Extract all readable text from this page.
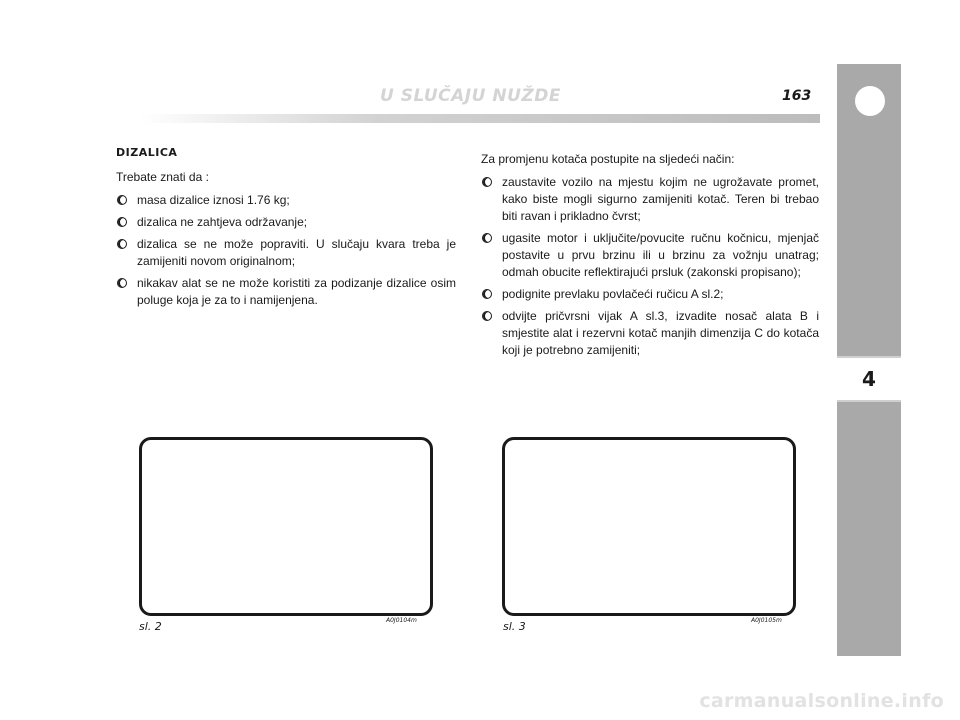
U SLUČAJU NUŽDE	163
4
DIZALICA
Trebate znati da :
masa dizalice iznosi 1.76 kg;
dizalica ne zahtjeva održavanje;
dizalica se ne može popraviti. U slučaju kvara treba je zamijeniti novom originalnom;
nikakav alat se ne može koristiti za podizanje dizalice osim poluge koja je za to i namijenjena.
Za promjenu kotača postupite na sljedeći način:
zaustavite vozilo na mjestu kojim ne ugrožavate promet, kako biste mogli sigurno zamijeniti kotač. Teren bi trebao biti ravan i prikladno čvrst;
ugasite motor i uključite/povucite ručnu kočnicu, mjenjač postavite u prvu brzinu ili u brzinu za vožnju unatrag; odmah obucite reflektirajući prsluk (zakonski propisano);
podignite prevlaku povlačeći ručicu A sl.2;
odvijte pričvrsni vijak A sl.3, izvadite nosač alata B i smjestite alat i rezervni kotač manjih dimenzija C do kotača koji je potrebno zamijeniti;
sl. 2	A0J0104m	sl. 3	A0J0105m
carmanualsonline.info
